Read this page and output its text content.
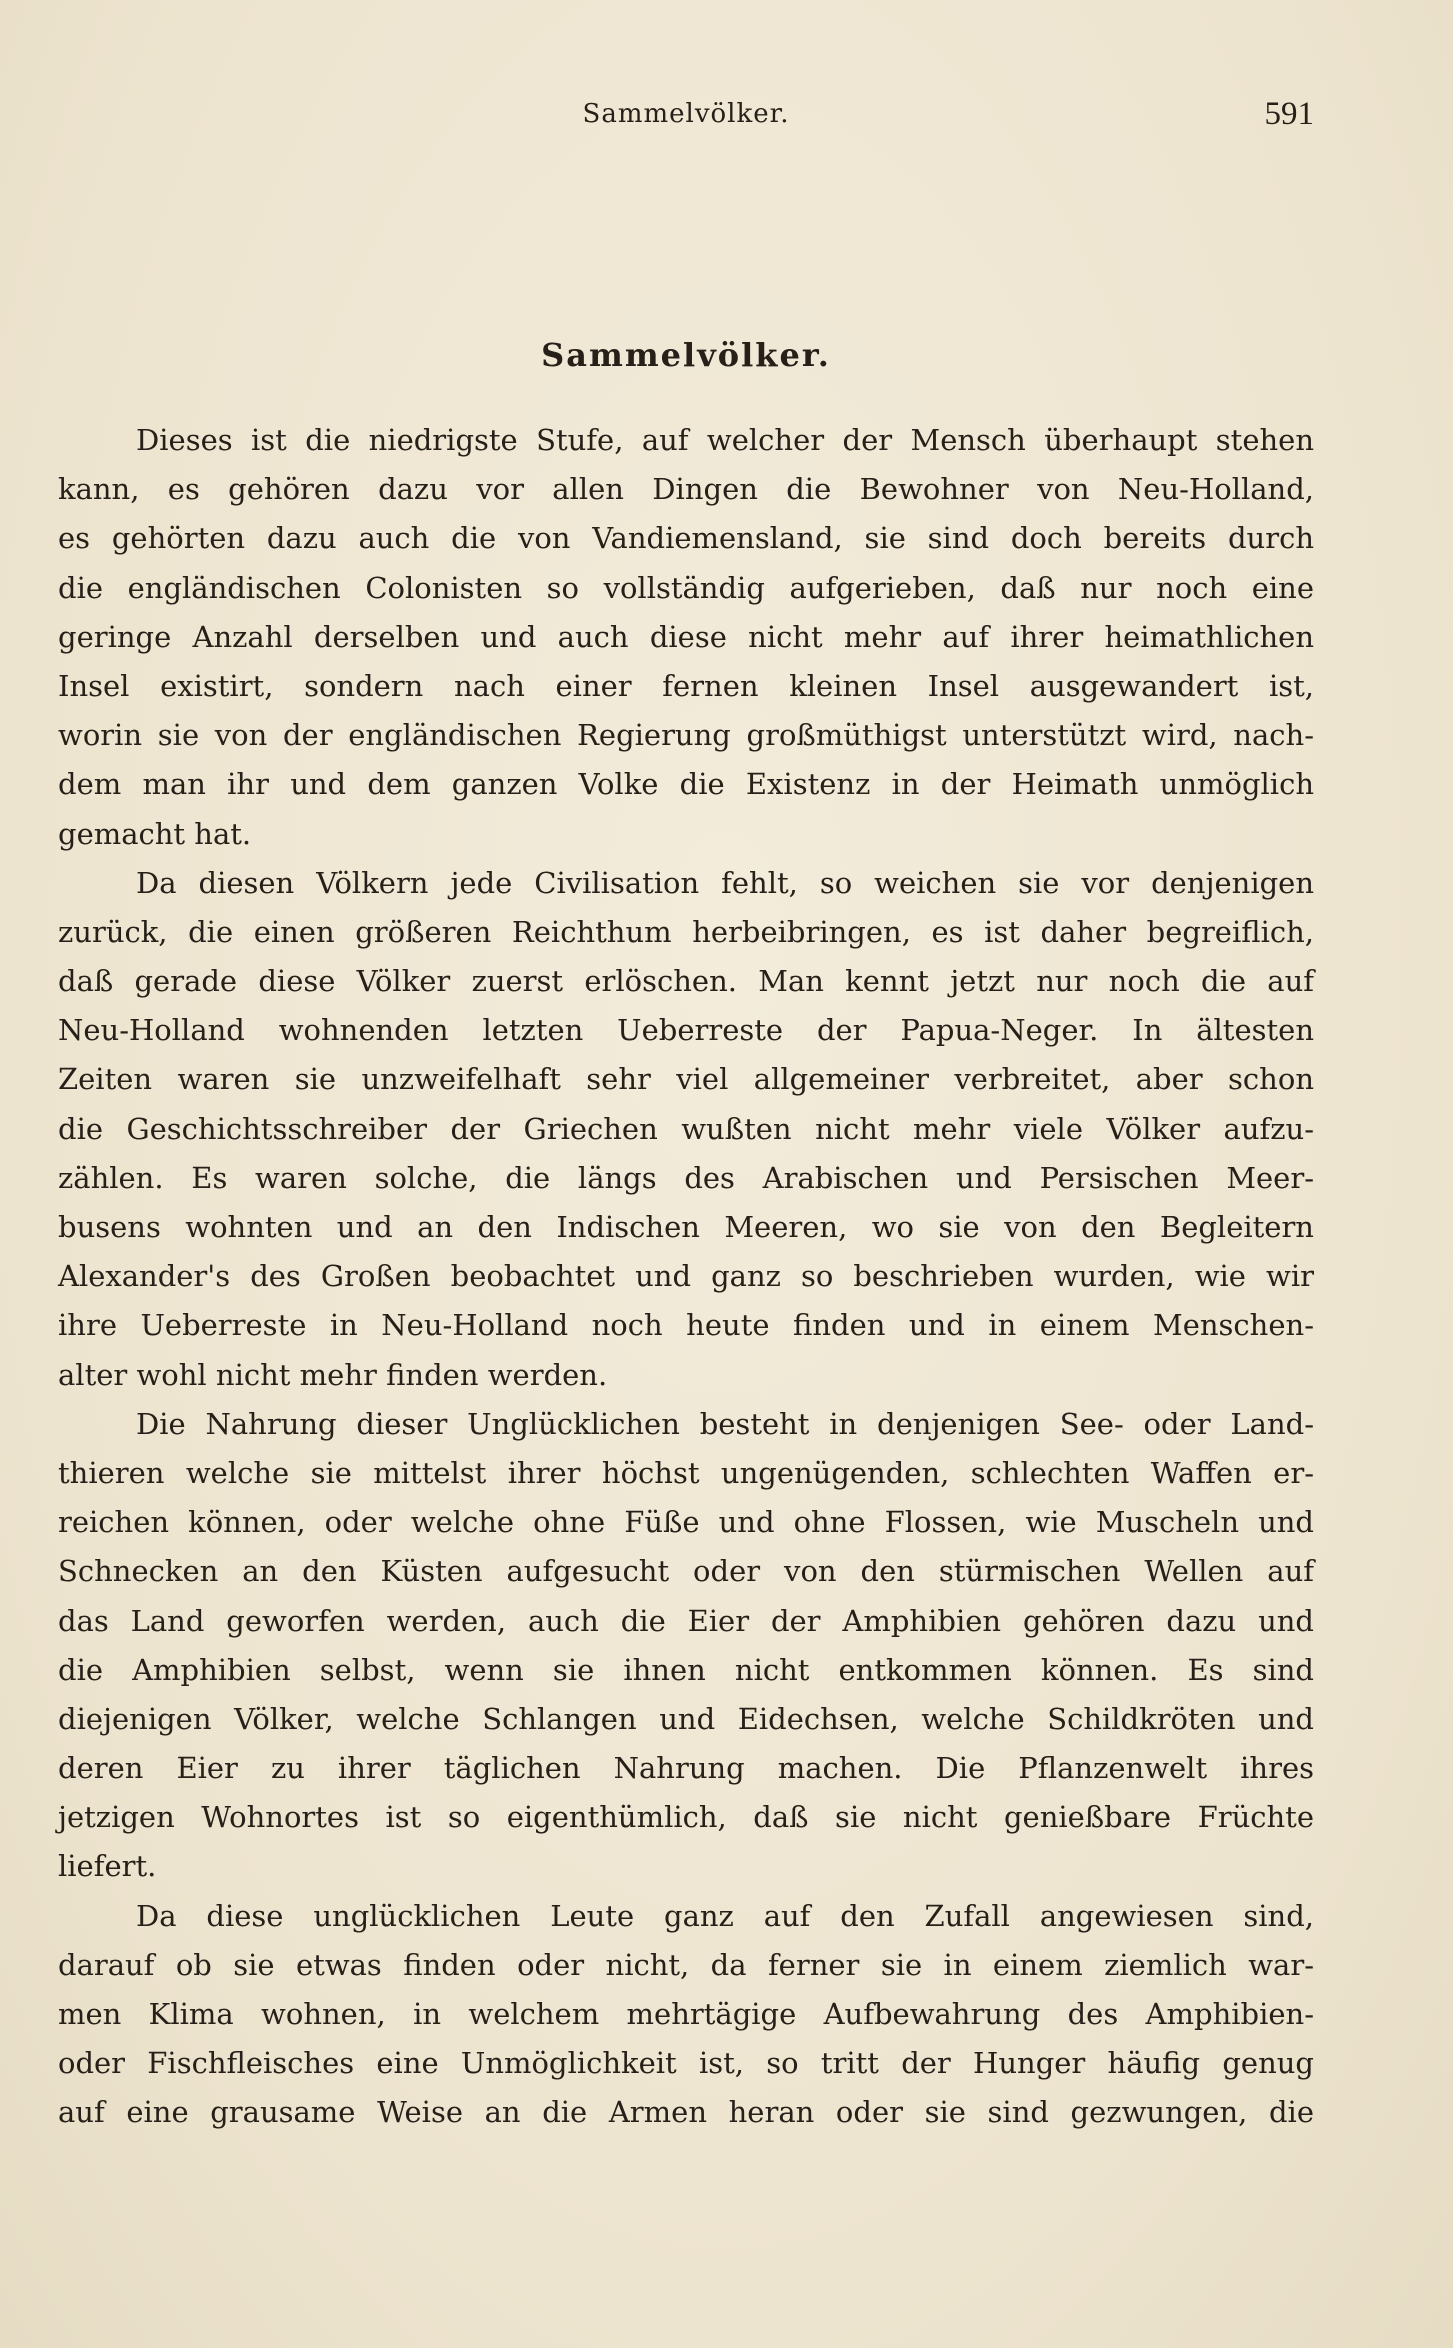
Sammelvölker.	591
Sammelvölker.
Dieses ist die niedrigste Stufe, auf welcher der Mensch überhaupt stehen
kann, es gehören dazu vor allen Dingen die Bewohner von Neu-Holland,
es gehörten dazu auch die von Vandiemensland, sie sind doch bereits durch
die engländischen Colonisten so vollständig aufgerieben, daß nur noch eine
geringe Anzahl derselben und auch diese nicht mehr auf ihrer heimathlichen
Insel existirt, sondern nach einer fernen kleinen Insel ausgewandert ist,
worin sie von der engländischen Regierung großmüthigst unterstützt wird, nach-
dem man ihr und dem ganzen Volke die Existenz in der Heimath unmöglich
gemacht hat.
Da diesen Völkern jede Civilisation fehlt, so weichen sie vor denjenigen
zurück, die einen größeren Reichthum herbeibringen, es ist daher begreiflich,
daß gerade diese Völker zuerst erlöschen. Man kennt jetzt nur noch die auf
Neu-Holland wohnenden letzten Ueberreste der Papua-Neger. In ältesten
Zeiten waren sie unzweifelhaft sehr viel allgemeiner verbreitet, aber schon
die Geschichtsschreiber der Griechen wußten nicht mehr viele Völker aufzu-
zählen. Es waren solche, die längs des Arabischen und Persischen Meer-
busens wohnten und an den Indischen Meeren, wo sie von den Begleitern
Alexander's des Großen beobachtet und ganz so beschrieben wurden, wie wir
ihre Ueberreste in Neu-Holland noch heute finden und in einem Menschen-
alter wohl nicht mehr finden werden.
Die Nahrung dieser Unglücklichen besteht in denjenigen See- oder Land-
thieren welche sie mittelst ihrer höchst ungenügenden, schlechten Waffen er-
reichen können, oder welche ohne Füße und ohne Flossen, wie Muscheln und
Schnecken an den Küsten aufgesucht oder von den stürmischen Wellen auf
das Land geworfen werden, auch die Eier der Amphibien gehören dazu und
die Amphibien selbst, wenn sie ihnen nicht entkommen können. Es sind
diejenigen Völker, welche Schlangen und Eidechsen, welche Schildkröten und
deren Eier zu ihrer täglichen Nahrung machen. Die Pflanzenwelt ihres
jetzigen Wohnortes ist so eigenthümlich, daß sie nicht genießbare Früchte
liefert.
Da diese unglücklichen Leute ganz auf den Zufall angewiesen sind,
darauf ob sie etwas finden oder nicht, da ferner sie in einem ziemlich war-
men Klima wohnen, in welchem mehrtägige Aufbewahrung des Amphibien-
oder Fischfleisches eine Unmöglichkeit ist, so tritt der Hunger häufig genug
auf eine grausame Weise an die Armen heran oder sie sind gezwungen, die
